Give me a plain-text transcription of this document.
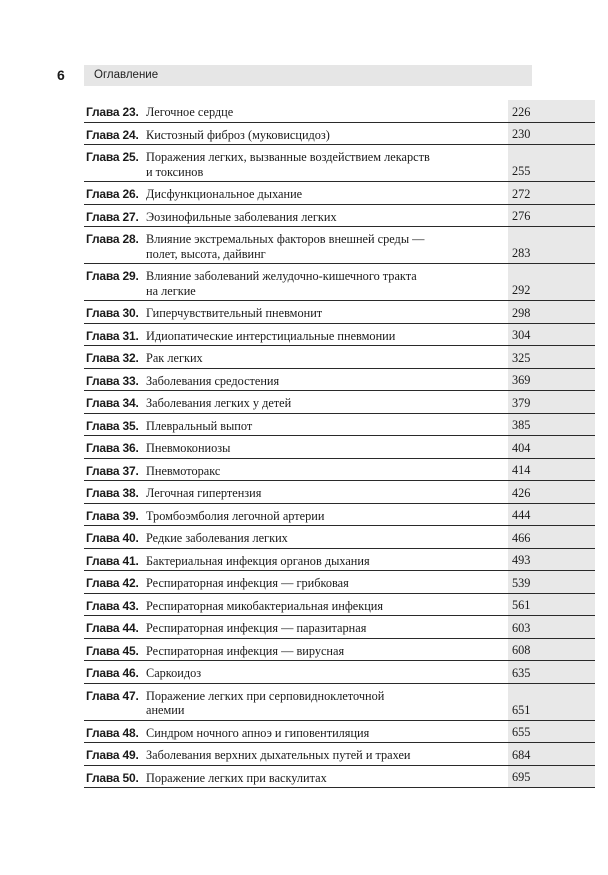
6	Оглавление
Глава 23. Легочное сердце	226
Глава 24. Кистозный фиброз (муковисцидоз)	230
Глава 25. Поражения легких, вызванные воздействием лекарств
и токсинов	255
Глава 26. Дисфункциональное дыхание	272
Глава 27. Эозинофильные заболевания легких	276
Глава 28. Влияние экстремальных факторов внешней среды —
полет, высота, дайвинг	283
Глава 29. Влияние заболеваний желудочно-кишечного тракта
на легкие	292
Глава 30. Гиперчувствительный пневмонит	298
Глава 31. Идиопатические интерстициальные пневмонии	304
Глава 32. Рак легких	325
Глава 33. Заболевания средостения	369
Глава 34. Заболевания легких у детей	379
Глава 35. Плевральный выпот	385
Глава 36. Пневмокониозы	404
Глава 37. Пневмоторакс	414
Глава 38. Легочная гипертензия	426
Глава 39. Тромбоэмболия легочной артерии	444
Глава 40. Редкие заболевания легких	466
Глава 41. Бактериальная инфекция органов дыхания	493
Глава 42. Респираторная инфекция — грибковая	539
Глава 43. Респираторная микобактериальная инфекция	561
Глава 44. Респираторная инфекция — паразитарная	603
Глава 45. Респираторная инфекция — вирусная	608
Глава 46. Саркоидоз	635
Глава 47. Поражение легких при серповидноклеточной
анемии	651
Глава 48. Синдром ночного апноэ и гиповентиляция	655
Глава 49. Заболевания верхних дыхательных путей и трахеи	684
Глава 50. Поражение легких при васкулитах	695
